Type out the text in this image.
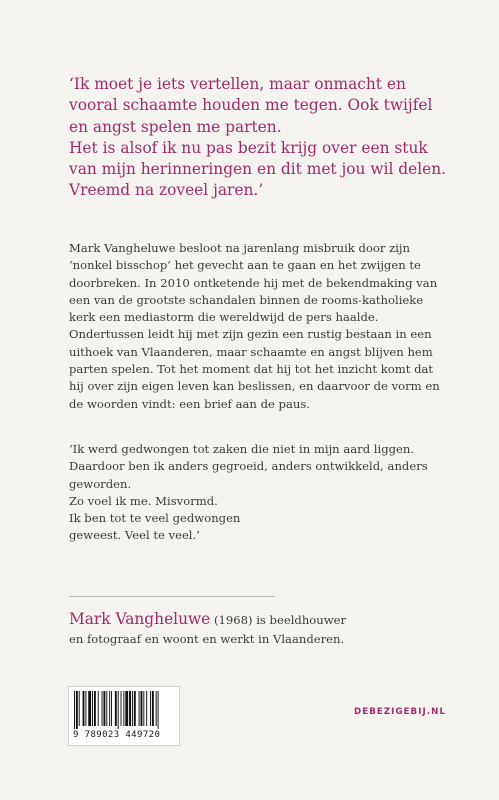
‘Ik moet je iets vertellen, maar onmacht en
vooral schaamte houden me tegen. Ook twijfel
en angst spelen me parten.
Het is alsof ik nu pas bezit krijg over een stuk
van mijn herinneringen en dit met jou wil delen.
Vreemd na zoveel jaren.’
Mark Vangheluwe besloot na jarenlang misbruik door zijn
‘nonkel bisschop’ het gevecht aan te gaan en het zwijgen te
doorbreken. In 2010 ontketende hij met de bekendmaking van
een van de grootste schandalen binnen de rooms-katholieke
kerk een mediastorm die wereldwijd de pers haalde.
Ondertussen leidt hij met zijn gezin een rustig bestaan in een
uithoek van Vlaanderen, maar schaamte en angst blijven hem
parten spelen. Tot het moment dat hij tot het inzicht komt dat
hij over zijn eigen leven kan beslissen, en daarvoor de vorm en
de woorden vindt: een brief aan de paus.
‘Ik werd gedwongen tot zaken die niet in mijn aard liggen.
Daardoor ben ik anders gegroeid, anders ontwikkeld, anders
geworden.
Zo voel ik me. Misvormd.
Ik ben tot te veel gedwongen
geweest. Veel te veel.’
Mark Vangheluwe (1968) is beeldhouwer
en fotograaf en woont en werkt in Vlaanderen.
9 789023 449720
DEBEZIGEBIJ.NL
